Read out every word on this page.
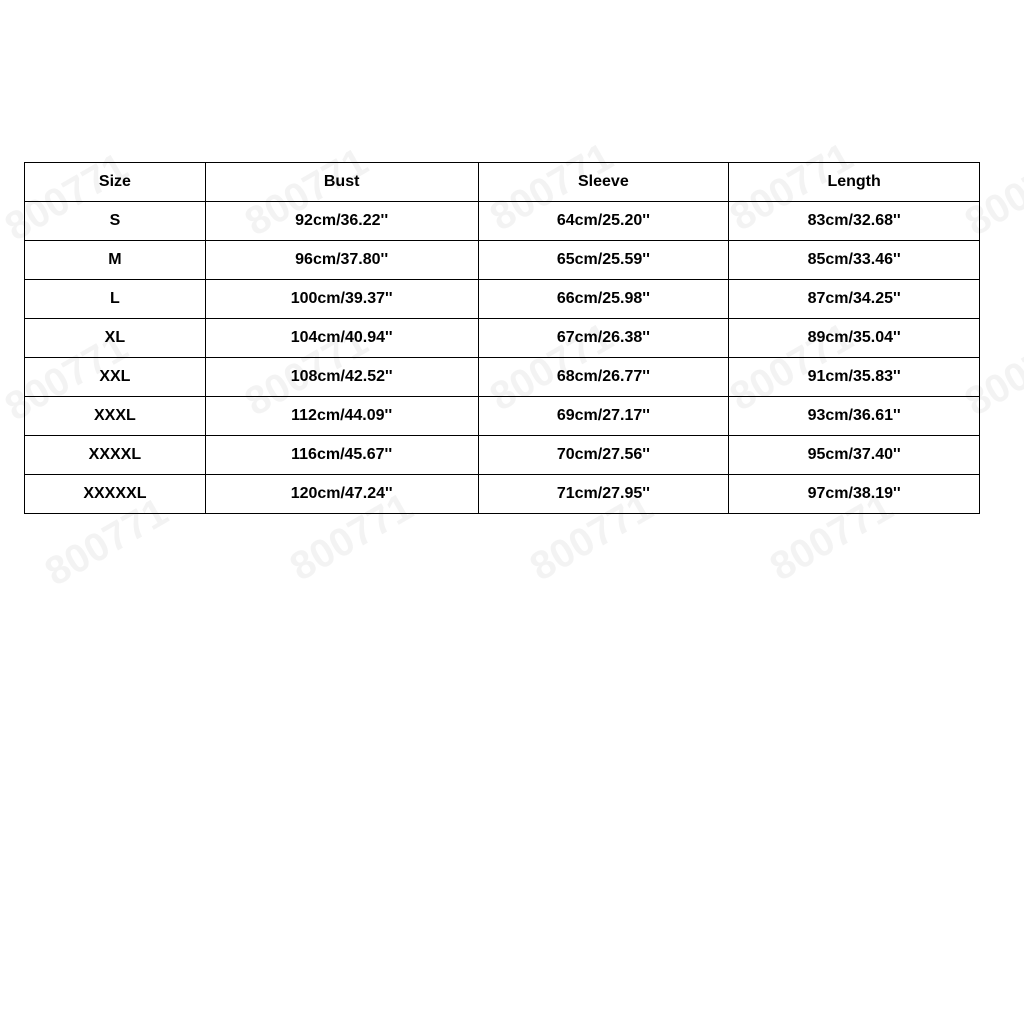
Size	Bust	Sleeve	Length
S	92cm/36.22''	64cm/25.20''	83cm/32.68''
M	96cm/37.80''	65cm/25.59''	85cm/33.46''
L	100cm/39.37''	66cm/25.98''	87cm/34.25''
XL	104cm/40.94''	67cm/26.38''	89cm/35.04''
XXL	108cm/42.52''	68cm/26.77''	91cm/35.83''
XXXL	112cm/44.09''	69cm/27.17''	93cm/36.61''
XXXXL	116cm/45.67''	70cm/27.56''	95cm/37.40''
XXXXXL	120cm/47.24''	71cm/27.95''	97cm/38.19''
